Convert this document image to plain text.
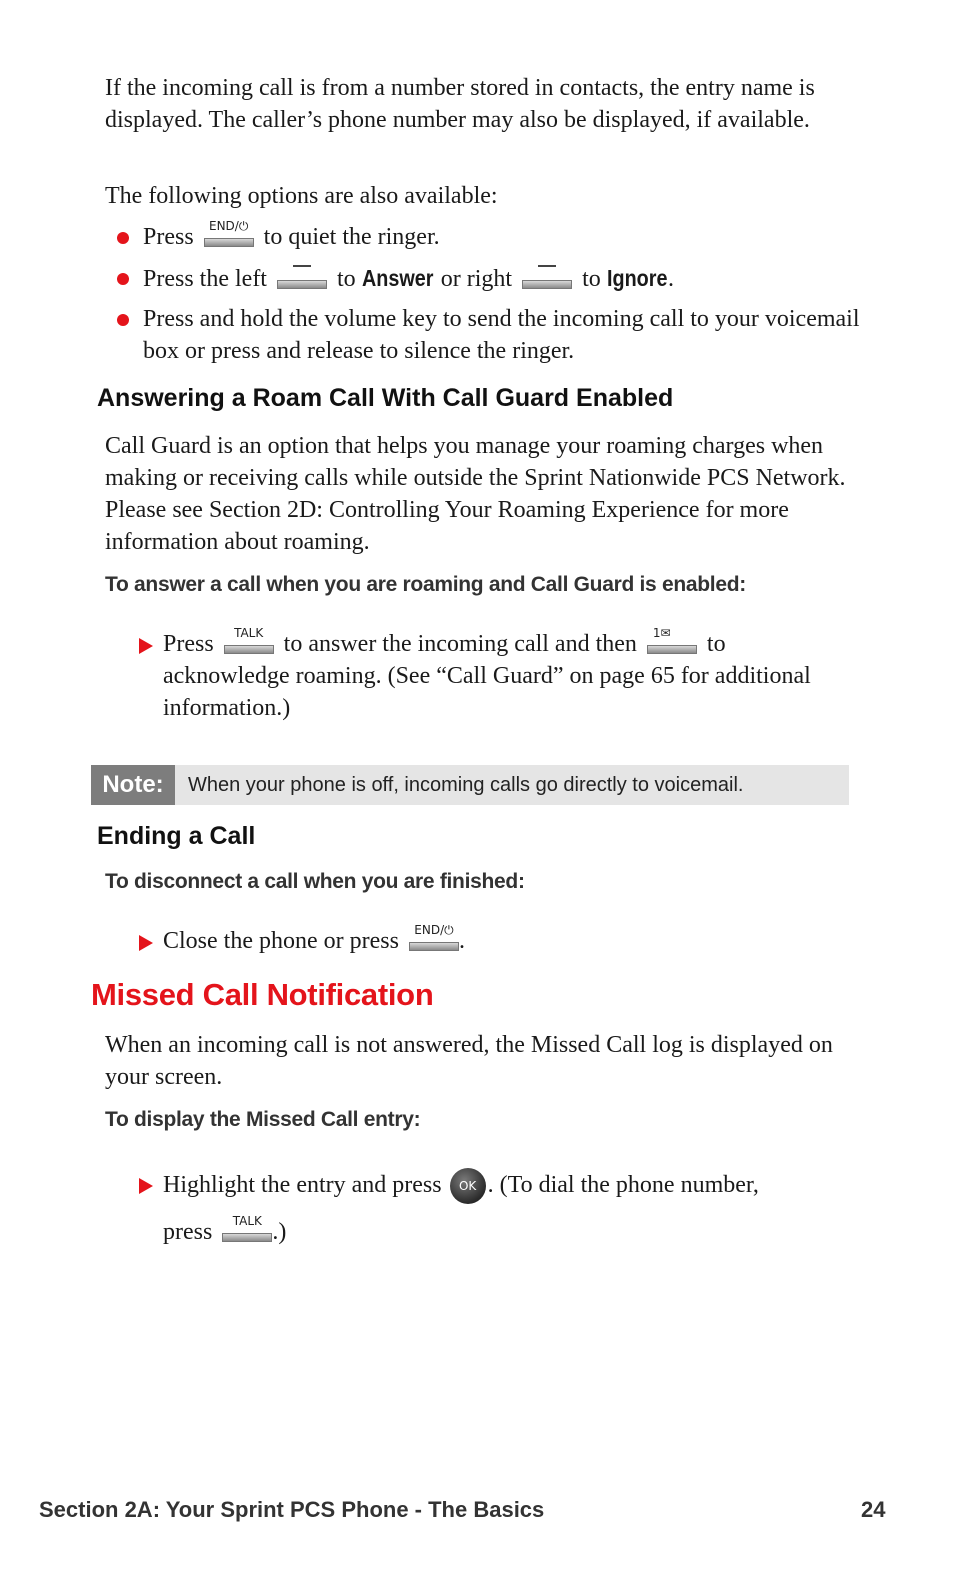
If the incoming call is from a number stored in contacts, the entry name is displayed. The caller’s phone number may also be displayed, if available.
The following options are also available:
Press	END/⏻ to quiet the ringer.
Press the left	to Answer or right	to Ignore.
Press and hold the volume key to send the incoming call to your voicemail box or press and release to silence the ringer.
Answering a Roam Call With Call Guard Enabled
Call Guard is an option that helps you manage your roaming charges when making or receiving calls while outside the Sprint Nationwide PCS Network. Please see Section 2D: Controlling Your Roaming Experience for more information about roaming.
To answer a call when you are roaming and Call Guard is enabled:
Press	TALK to answer the incoming call and then	1✉	to acknowledge roaming. (See “Call Guard” on page 65 for additional information.)
Note:	When your phone is off, incoming calls go directly to voicemail.
Ending a Call
To disconnect a call when you are finished:
Close the phone or press	END/⏻ .
Missed Call Notification
When an incoming call is not answered, the Missed Call log is displayed on your screen.
To display the Missed Call entry:
Highlight the entry and press OK . (To dial the phone number,
press	TALK .)
Section 2A: Your Sprint PCS Phone - The Basics	24
